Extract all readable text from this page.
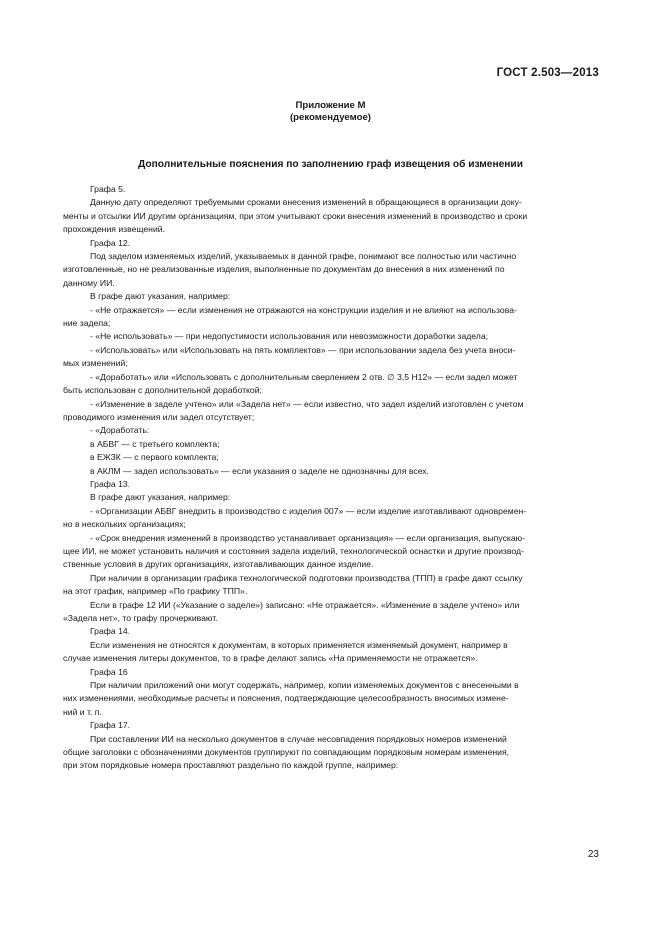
ГОСТ 2.503—2013
Приложение М
(рекомендуемое)
Дополнительные пояснения по заполнению граф извещения об изменении
Графа 5.
Данную дату определяют требуемыми сроками внесения изменений в обращающиеся в организации доку-
менты и отсылки ИИ другим организациям, при этом учитывают сроки внесения изменений в производство и сроки
прохождения извещений.
Графа 12.
Под заделом изменяемых изделий, указываемых в данной графе, понимают все полностью или частично
изготовленные, но не реализованные изделия, выполненные по документам до внесения в них изменений по
данному ИИ.
В графе дают указания, например:
- «Не отражается» — если изменения не отражаются на конструкции изделия и не влияют на использова-
ние задела;
- «Не использовать» — при недопустимости использования или невозможности доработки задела;
- «Использовать» или «Использовать на пять комплектов» — при использовании задела без учета вноси-
мых изменений;
- «Доработать» или «Использовать с дополнительным сверлением 2 отв. ∅ 3,5 Н12» — если задел может
быть использован с дополнительной доработкой;
- «Изменение в заделе учтено» или «Задела нет» — если известно, что задел изделий изготовлен с учетом
проводимого изменения или задел отсутствует;
- «Доработать:
в АБВГ — с третьего комплекта;
в ЕЖЗК — с первого комплекта;
в АКЛМ — задел использовать» — если указания о заделе не однозначны для всех.
Графа 13.
В графе дают указания, например:
- «Организации АБВГ внедрить в производство с изделия 007» — если изделие изготавливают одновремен-
но в нескольких организациях;
- «Срок внедрения изменений в производство устанавливает организация» — если организация, выпускаю-
щее ИИ, не может установить наличия и состояния задела изделий, технологической оснастки и другие производ-
ственные условия в других организациях, изготавливающих данное изделие.
При наличии в организации графика технологической подготовки производства (ТПП) в графе дают ссылку
на этот график, например «По графику ТПП».
Если в графе 12 ИИ («Указание о заделе») записано: «Не отражается». «Изменение в заделе учтено» или
«Задела нет», то графу прочеркивают.
Графа 14.
Если изменения не относятся к документам, в которых применяется изменяемый документ, например в
случае изменения литеры документов, то в графе делают запись «На применяемости не отражается».
Графа 16
При наличии приложений они могут содержать, например, копии изменяемых документов с внесенными в
них изменениями, необходимые расчеты и пояснения, подтверждающие целесообразность вносимых измене-
ний и т. п.
Графа 17.
При составлении ИИ на несколько документов в случае несовпадения порядковых номеров изменений
общие заголовки с обозначениями документов группируют по совпадающим порядковым номерам изменения,
при этом порядковые номера проставляют раздельно по каждой группе, например:
23
